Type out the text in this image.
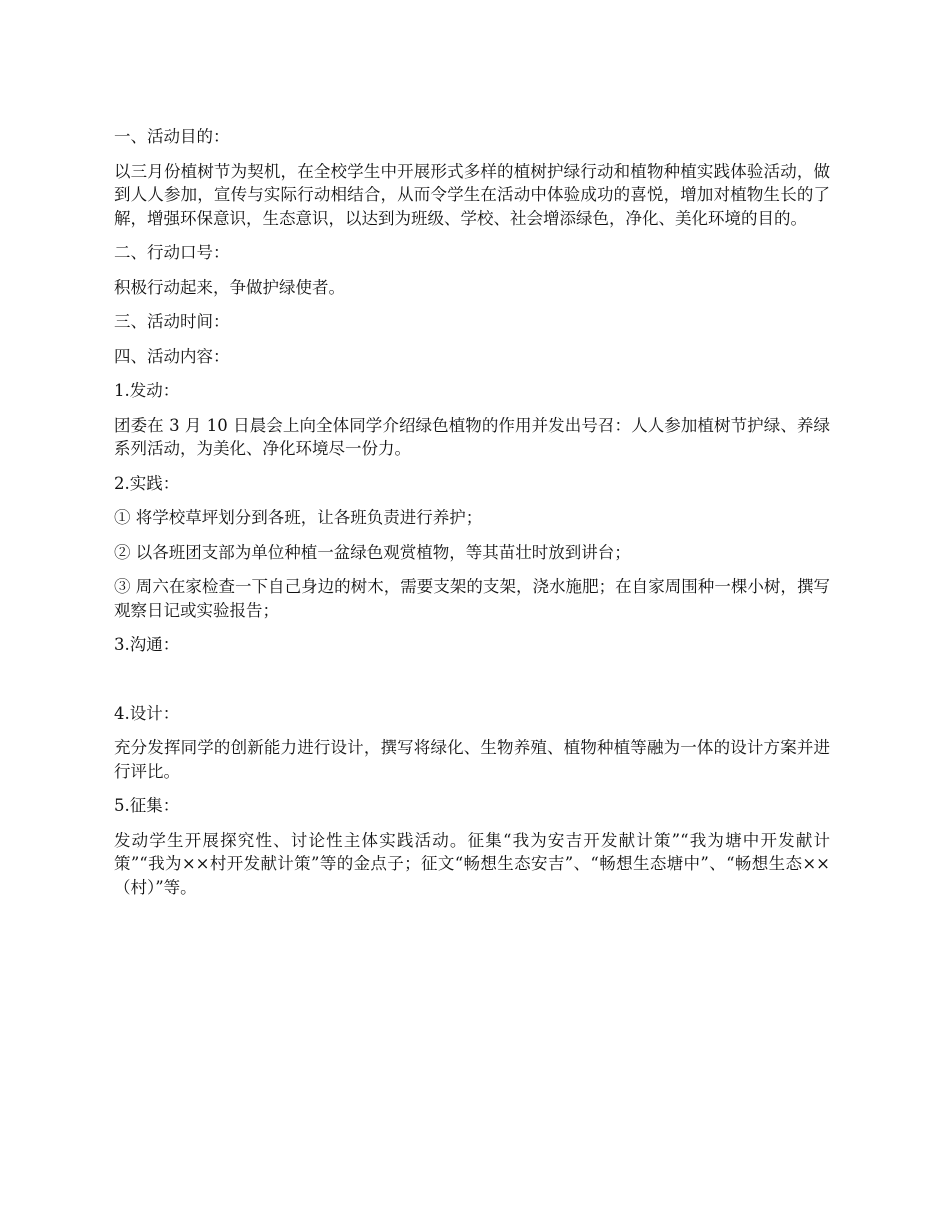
一、活动目的：

以三月份植树节为契机，在全校学生中开展形式多样的植树护绿行动和植物种植实践体验活动，做到人人参加，宣传与实际行动相结合，从而令学生在活动中体验成功的喜悦，增加对植物生长的了解，增强环保意识，生态意识，以达到为班级、学校、社会增添绿色，净化、美化环境的目的。

二、行动口号：

积极行动起来，争做护绿使者。

三、活动时间：

四、活动内容：

1.发动：

团委在 3 月 10 日晨会上向全体同学介绍绿色植物的作用并发出号召：人人参加植树节护绿、养绿系列活动，为美化、净化环境尽一份力。

2.实践：

① 将学校草坪划分到各班，让各班负责进行养护；

② 以各班团支部为单位种植一盆绿色观赏植物，等其苗壮时放到讲台；

③ 周六在家检查一下自己身边的树木，需要支架的支架，浇水施肥；在自家周围种一棵小树，撰写观察日记或实验报告；

3.沟通：

4.设计：

充分发挥同学的创新能力进行设计，撰写将绿化、生物养殖、植物种植等融为一体的设计方案并进行评比。

5.征集：

发动学生开展探究性、讨论性主体实践活动。征集“我为安吉开发献计策”“我为塘中开发献计策”“我为××村开发献计策”等的金点子；征文“畅想生态安吉”、“畅想生态塘中”、“畅想生态××（村）”等。
